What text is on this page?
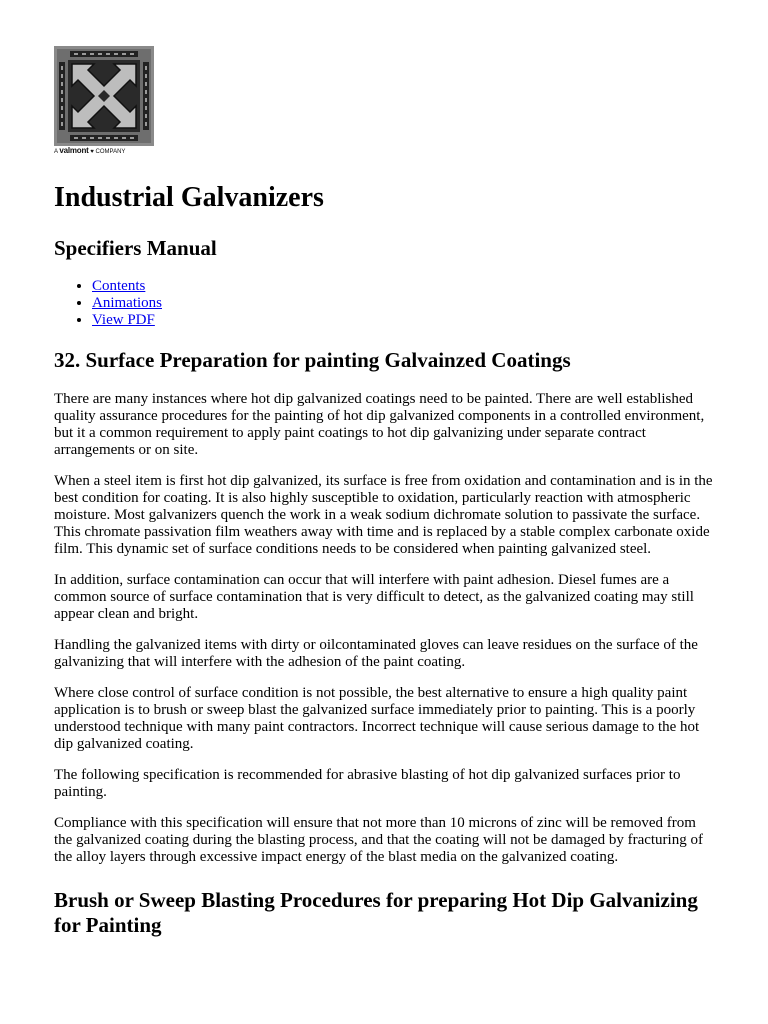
A valmont ♥ COMPANY
Industrial Galvanizers
Specifiers Manual
• Contents
• Animations
• View PDF
32. Surface Preparation for painting Galvainzed Coatings

There are many instances where hot dip galvanized coatings need to be painted. There are well established quality assurance procedures for the painting of hot dip galvanized components in a controlled environment, but it a common requirement to apply paint coatings to hot dip galvanizing under separate contract arrangements or on site.

When a steel item is first hot dip galvanized, its surface is free from oxidation and contamination and is in the best condition for coating. It is also highly susceptible to oxidation, particularly reaction with atmospheric moisture. Most galvanizers quench the work in a weak sodium dichromate solution to passivate the surface. This chromate passivation film weathers away with time and is replaced by a stable complex carbonate oxide film. This dynamic set of surface conditions needs to be considered when painting galvanized steel.

In addition, surface contamination can occur that will interfere with paint adhesion. Diesel fumes are a common source of surface contamination that is very difficult to detect, as the galvanized coating may still appear clean and bright.

Handling the galvanized items with dirty or oilcontaminated gloves can leave residues on the surface of the galvanizing that will interfere with the adhesion of the paint coating.

Where close control of surface condition is not possible, the best alternative to ensure a high quality paint application is to brush or sweep blast the galvanized surface immediately prior to painting. This is a poorly understood technique with many paint contractors. Incorrect technique will cause serious damage to the hot dip galvanized coating.

The following specification is recommended for abrasive blasting of hot dip galvanized surfaces prior to painting.

Compliance with this specification will ensure that not more than 10 microns of zinc will be removed from the galvanized coating during the blasting process, and that the coating will not be damaged by fracturing of the alloy layers through excessive impact energy of the blast media on the galvanized coating.

Brush or Sweep Blasting Procedures for preparing Hot Dip Galvanizing for Painting
